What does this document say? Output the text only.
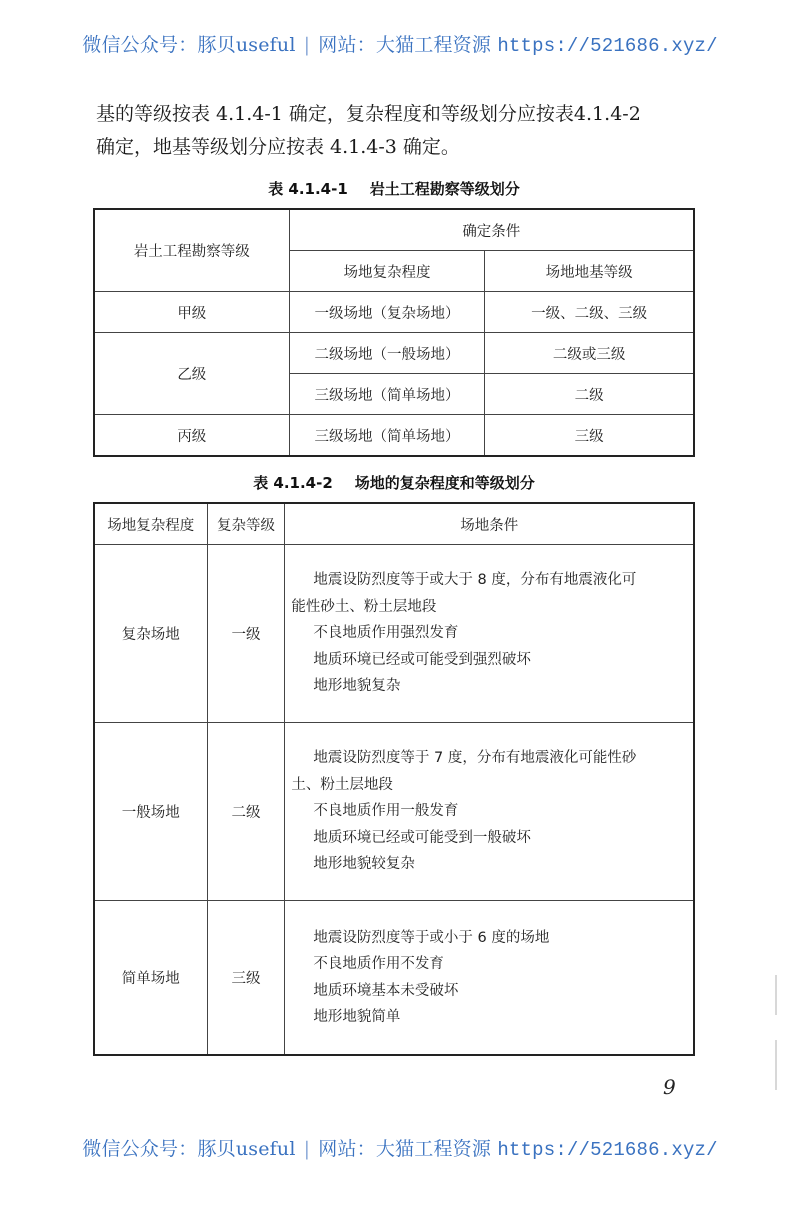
微信公众号：豚贝useful | 网站：大猫工程资源 https://521686.xyz/
基的等级按表 4.1.4-1 确定，复杂程度和等级划分应按表4.1.4-2
确定，地基等级划分应按表 4.1.4-3 确定。
表 4.1.4-1 岩土工程勘察等级划分
岩土工程勘察等级	确定条件	
	场地复杂程度	场地地基等级
甲级	一级场地（复杂场地）	一级、二级、三级
乙级	二级场地（一般场地）	二级或三级
	三级场地（简单场地）	二级
丙级	三级场地（简单场地）	三级
表 4.1.4-2 场地的复杂程度和等级划分
场地复杂程度	复杂等级	场地条件
复杂场地	一级	地震设防烈度等于或大于 8 度，分布有地震液化可
能性砂土、粉土层地段
不良地质作用强烈发育
地质环境已经或可能受到强烈破坏
地形地貌复杂

一般场地	二级	地震设防烈度等于 7 度，分布有地震液化可能性砂
土、粉土层地段
不良地质作用一般发育
地质环境已经或可能受到一般破坏
地形地貌较复杂

简单场地	三级	地震设防烈度等于或小于 6 度的场地
不良地质作用不发育
地质环境基本未受破坏
地形地貌简单
9
微信公众号：豚贝useful | 网站：大猫工程资源 https://521686.xyz/
